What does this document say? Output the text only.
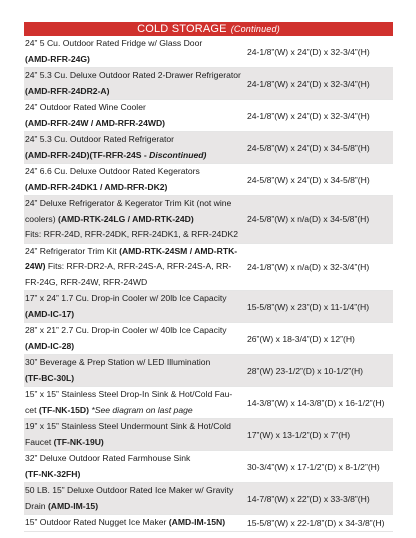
COLD STORAGE (Continued)
24” 5 Cu. Outdoor Rated Fridge w/ Glass Door
(AMD-RFR-24G)
24-1/8”(W) x 24”(D) x 32-3/4”(H)
24” 5.3 Cu. Deluxe Outdoor Rated 2-Drawer Refrigerator
(AMD-RFR-24DR2-A)
24-1/8”(W) x 24”(D) x 32-3/4”(H)
24” Outdoor Rated Wine Cooler
(AMD-RFR-24W / AMD-RFR-24WD)
24-1/8”(W) x 24”(D) x 32-3/4”(H)
24” 5.3 Cu. Outdoor Rated Refrigerator
(AMD-RFR-24D)(TF-RFR-24S - Discontinued)
24-5/8”(W) x 24”(D) x 34-5/8”(H)
24” 6.6 Cu. Deluxe Outdoor Rated Kegerators
(AMD-RFR-24DK1 / AMD-RFR-DK2)
24-5/8”(W) x 24”(D) x 34-5/8”(H)
24” Deluxe Refrigerator & Kegerator Trim Kit (not wine
coolers) (AMD-RTK-24LG / AMD-RTK-24D)
Fits: RFR-24D, RFR-24DK, RFR-24DK1, & RFR-24DK2
24-5/8”(W) x n/a(D) x 34-5/8”(H)
24” Refrigerator Trim Kit (AMD-RTK-24SM / AMD-RTK-
24W) Fits: RFR-DR2-A, RFR-24S-A, RFR-24S-A, RR-
FR-24G, RFR-24W, RFR-24WD
24-1/8”(W) x n/a(D) x 32-3/4”(H)
17” x 24” 1.7 Cu. Drop-in Cooler w/ 20lb Ice Capacity
(AMD-IC-17)
15-5/8”(W) x 23”(D) x 11-1/4”(H)
28” x 21” 2.7 Cu. Drop-in Cooler w/ 40lb Ice Capacity
(AMD-IC-28)
26”(W) x 18-3/4”(D) x 12”(H)
30” Beverage & Prep Station w/ LED Illumination
(TF-BC-30L)
28”(W) 23-1/2”(D) x 10-1/2”(H)
15” x 15” Stainless Steel Drop-In Sink & Hot/Cold Fau-
cet (TF-NK-15D) *See diagram on last page
14-3/8”(W) x 14-3/8”(D) x 16-1/2”(H)
19” x 15” Stainless Steel Undermount Sink & Hot/Cold
Faucet (TF-NK-19U)
17”(W) x 13-1/2”(D) x 7”(H)
32” Deluxe Outdoor Rated Farmhouse Sink
(TF-NK-32FH)
30-3/4”(W) x 17-1/2”(D) x 8-1/2”(H)
50 LB. 15” Deluxe Outdoor Rated Ice Maker w/ Gravity
Drain (AMD-IM-15)
14-7/8”(W) x 22”(D) x 33-3/8”(H)
15” Outdoor Rated Nugget Ice Maker (AMD-IM-15N)	15-5/8”(W) x 22-1/8”(D) x 34-3/8”(H)
